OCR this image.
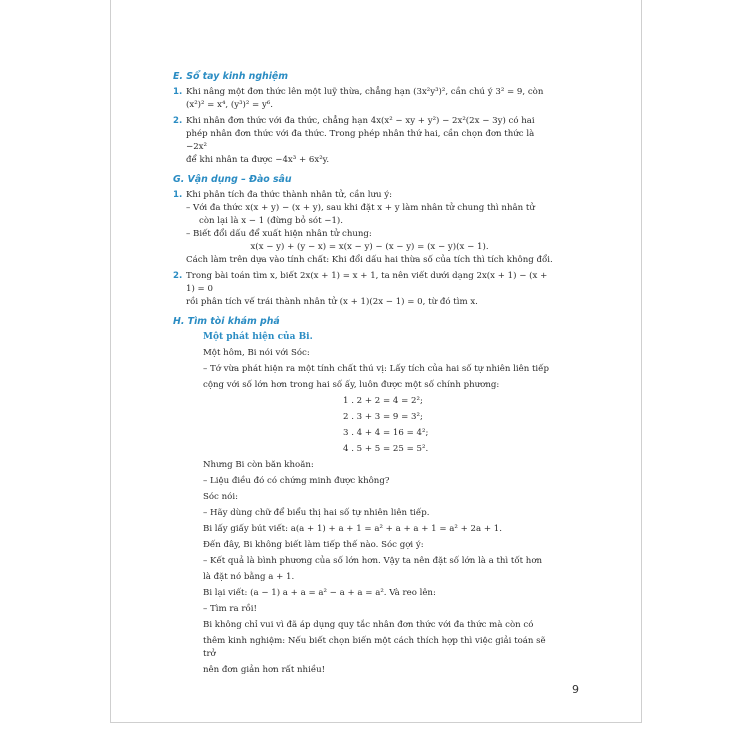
E. Sổ tay kinh nghiệm
1. Khi nâng một đơn thức lên một luỹ thừa, chẳng hạn (3x²y³)², cần chú ý 3² = 9, còn

(x²)² = x⁴, (y³)² = y⁶.

2. Khi nhân đơn thức với đa thức, chẳng hạn 4x(x² − xy + y²) − 2x²(2x − 3y) có hai

phép nhân đơn thức với đa thức. Trong phép nhân thứ hai, cần chọn đơn thức là −2x²

để khi nhân ta được −4x³ + 6x²y.

G. Vận dụng – Đào sâu
1. Khi phân tích đa thức thành nhân tử, cần lưu ý:

– Với đa thức x(x + y) − (x + y), sau khi đặt x + y làm nhân tử chung thì nhân tử

còn lại là x − 1 (đừng bỏ sót −1).

– Biết đổi dấu để xuất hiện nhân tử chung:

x(x − y) + (y − x) = x(x − y) − (x − y) = (x − y)(x − 1).

Cách làm trên dựa vào tính chất: Khi đổi dấu hai thừa số của tích thì tích không đổi.

2. Trong bài toán tìm x, biết 2x(x + 1) = x + 1, ta nên viết dưới dạng 2x(x + 1) − (x + 1) = 0

rồi phân tích vế trái thành nhân tử (x + 1)(2x − 1) = 0, từ đó tìm x.

H. Tìm tòi khám phá
Một phát hiện của Bi.

Một hôm, Bi nói với Sóc:

– Tớ vừa phát hiện ra một tính chất thú vị: Lấy tích của hai số tự nhiên liên tiếp

cộng với số lớn hơn trong hai số ấy, luôn được một số chính phương:

1 . 2 + 2 = 4 = 2²;

2 . 3 + 3 = 9 = 3²;

3 . 4 + 4 = 16 = 4²;

4 . 5 + 5 = 25 = 5².

Nhưng Bi còn băn khoăn:

– Liệu điều đó có chứng minh được không?

Sóc nói:

– Hãy dùng chữ để biểu thị hai số tự nhiên liên tiếp.

Bi lấy giấy bút viết: a(a + 1) + a + 1 = a² + a + a + 1 = a² + 2a + 1.

Đến đây, Bi không biết làm tiếp thế nào. Sóc gợi ý:

– Kết quả là bình phương của số lớn hơn. Vậy ta nên đặt số lớn là a thì tốt hơn

là đặt nó bằng a + 1.

Bi lại viết: (a − 1) a + a = a² − a + a = a². Và reo lên:

– Tìm ra rồi!

Bi không chỉ vui vì đã áp dụng quy tắc nhân đơn thức với đa thức mà còn có

thêm kinh nghiệm: Nếu biết chọn biến một cách thích hợp thì việc giải toán sẽ trở

nên đơn giản hơn rất nhiều!

9
